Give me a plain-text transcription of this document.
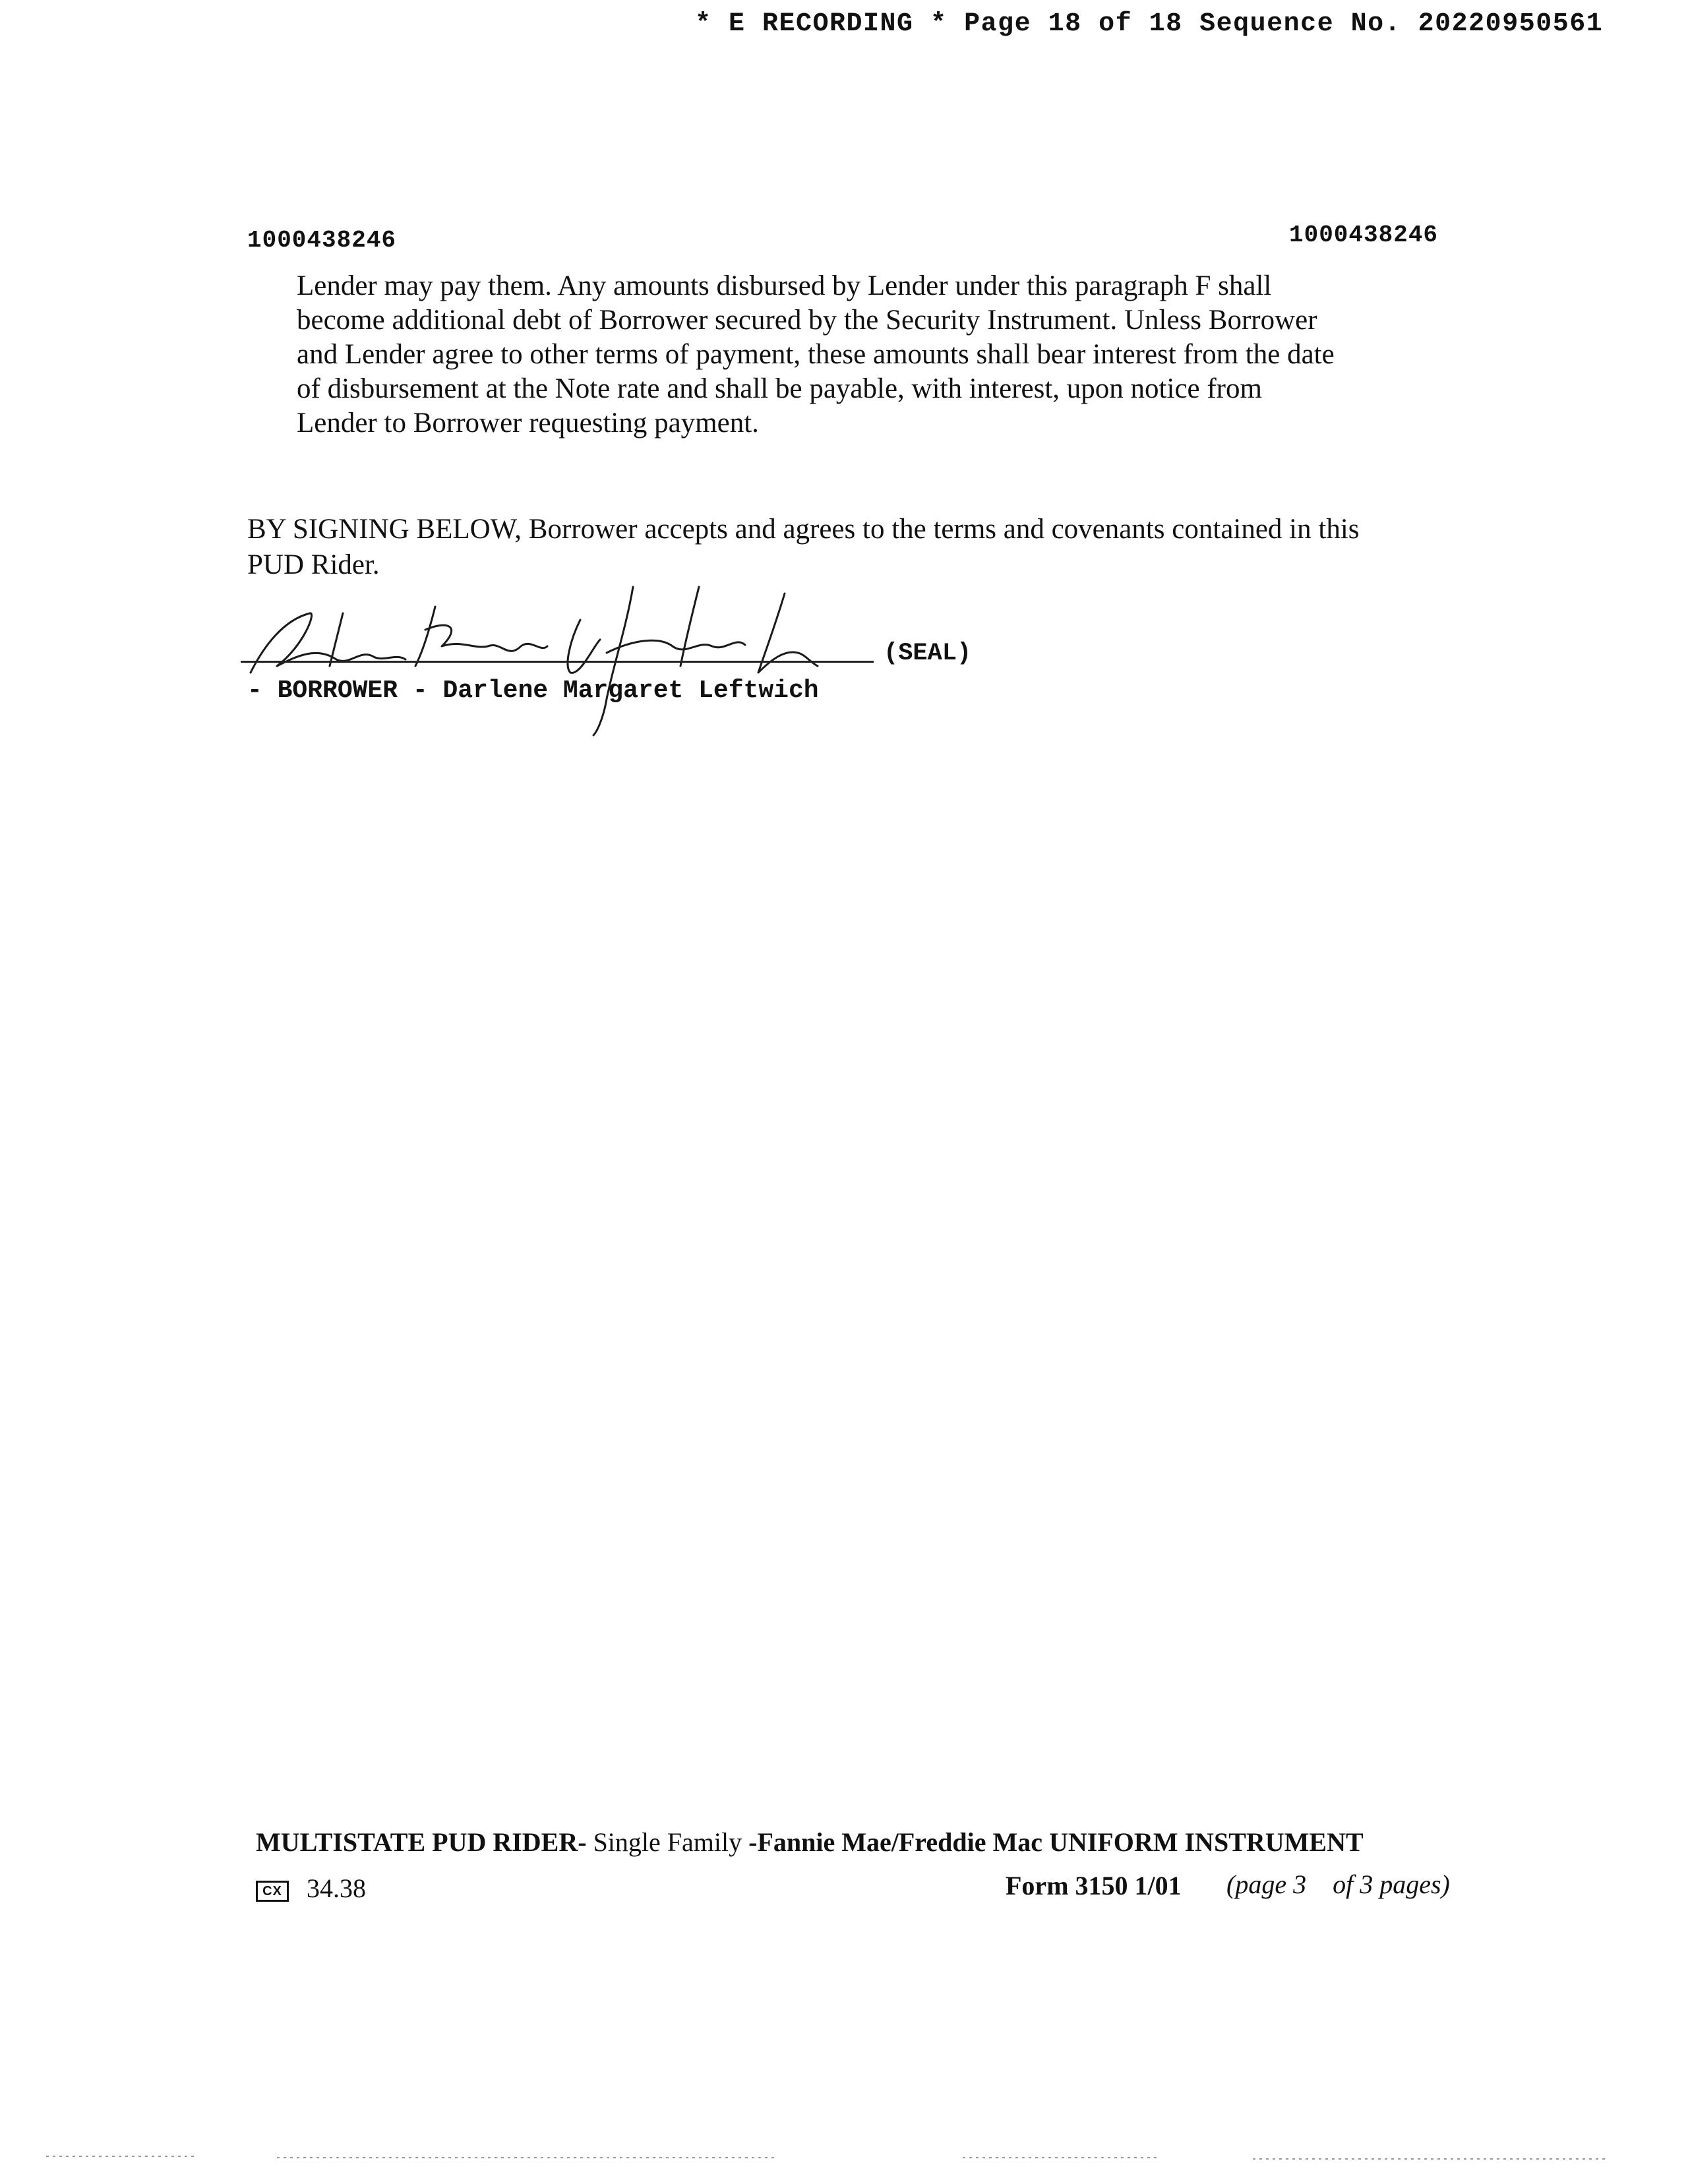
* E RECORDING * Page 18 of 18 Sequence No. 20220950561
1000438246	1000438246
Lender may pay them. Any amounts disbursed by Lender under this paragraph F shall
become additional debt of Borrower secured by the Security Instrument. Unless Borrower
and Lender agree to other terms of payment, these amounts shall bear interest from the date
of disbursement at the Note rate and shall be payable, with interest, upon notice from
Lender to Borrower requesting payment.
BY SIGNING BELOW, Borrower accepts and agrees to the terms and covenants contained in this
PUD Rider.
(SEAL)
- BORROWER - Darlene Margaret Leftwich
MULTISTATE PUD RIDER- Single Family -Fannie Mae/Freddie Mac UNIFORM INSTRUMENT
CX 34.38	Form 3150 1/01 (page 3    of 3 pages)
